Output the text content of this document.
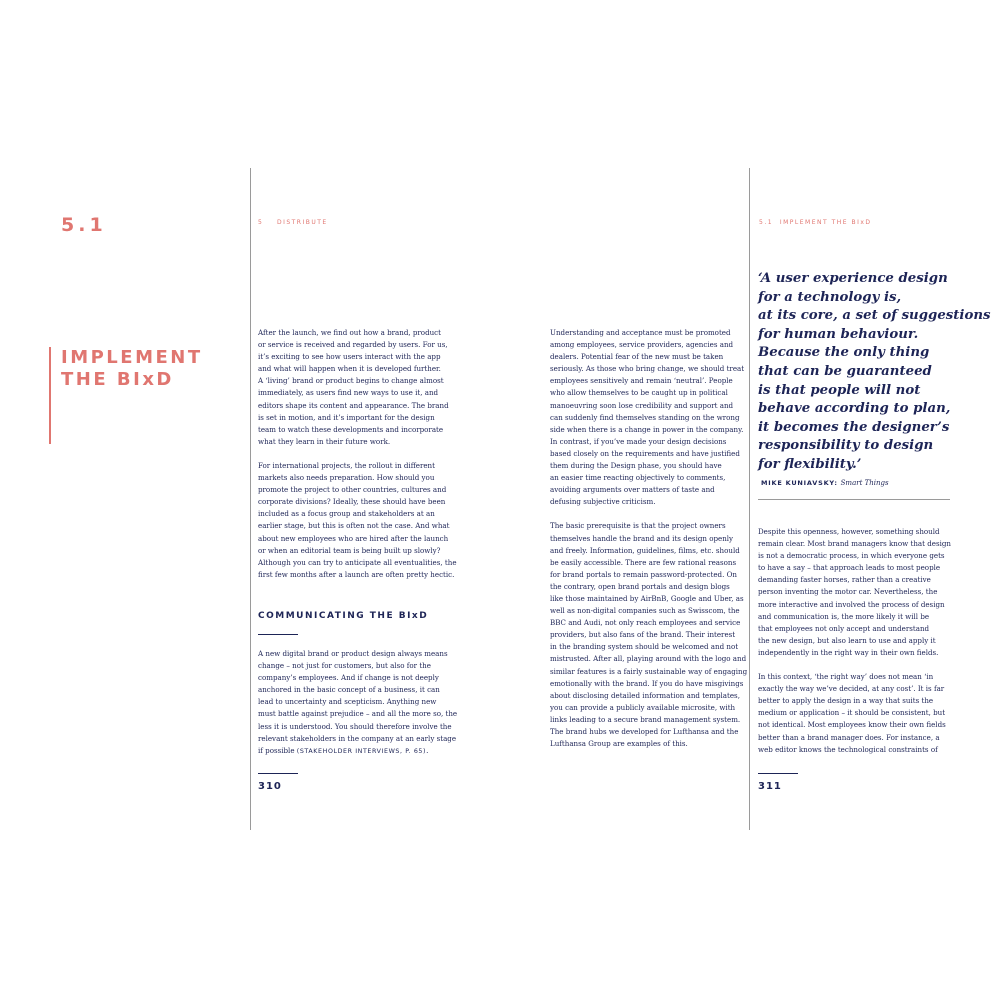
5.1
IMPLEMENT
THE BIxD
5    DISTRIBUTE	5.1  IMPLEMENT THE BIxD

After the launch, we find out how a brand, product
or service is received and regarded by users. For us,
it’s exciting to see how users interact with the app
and what will happen when it is developed further.
A ‘living’ brand or product begins to change almost
immediately, as users find new ways to use it, and
editors shape its content and appearance. The brand
is set in motion, and it’s important for the design
team to watch these developments and incorporate
what they learn in their future work.

For international projects, the rollout in different
markets also needs preparation. How should you
promote the project to other countries, cultures and
corporate divisions? Ideally, these should have been
included as a focus group and stakeholders at an
earlier stage, but this is often not the case. And what
about new employees who are hired after the launch
or when an editorial team is being built up slowly?
Although you can try to anticipate all eventualities, the
first few months after a launch are often pretty hectic.

COMMUNICATING THE BIxD

A new digital brand or product design always means
change – not just for customers, but also for the
company’s employees. And if change is not deeply
anchored in the basic concept of a business, it can
lead to uncertainty and scepticism. Anything new
must battle against prejudice – and all the more so, the
less it is understood. You should therefore involve the
relevant stakeholders in the company at an early stage
if possible (STAKEHOLDER INTERVIEWS, P. 65).

310

Understanding and acceptance must be promoted
among employees, service providers, agencies and
dealers. Potential fear of the new must be taken
seriously. As those who bring change, we should treat
employees sensitively and remain ‘neutral’. People
who allow themselves to be caught up in political
manoeuvring soon lose credibility and support and
can suddenly find themselves standing on the wrong
side when there is a change in power in the company.
In contrast, if you’ve made your design decisions
based closely on the requirements and have justified
them during the Design phase, you should have
an easier time reacting objectively to comments,
avoiding arguments over matters of taste and
defusing subjective criticism.

The basic prerequisite is that the project owners
themselves handle the brand and its design openly
and freely. Information, guidelines, films, etc. should
be easily accessible. There are few rational reasons
for brand portals to remain password-protected. On
the contrary, open brand portals and design blogs
like those maintained by AirBnB, Google and Uber, as
well as non-digital companies such as Swisscom, the
BBC and Audi, not only reach employees and service
providers, but also fans of the brand. Their interest
in the branding system should be welcomed and not
mistrusted. After all, playing around with the logo and
similar features is a fairly sustainable way of engaging
emotionally with the brand. If you do have misgivings
about disclosing detailed information and templates,
you can provide a publicly available microsite, with
links leading to a secure brand management system.
The brand hubs we developed for Lufthansa and the
Lufthansa Group are examples of this.

‘A user experience design
for a technology is,
at its core, a set of suggestions
for human behaviour.
Because the only thing
that can be guaranteed
is that people will not
behave according to plan,
it becomes the designer’s
responsibility to design
for flexibility.’
MIKE KUNIAVSKY: Smart Things

Despite this openness, however, something should
remain clear. Most brand managers know that design
is not a democratic process, in which everyone gets
to have a say – that approach leads to most people
demanding faster horses, rather than a creative
person inventing the motor car. Nevertheless, the
more interactive and involved the process of design
and communication is, the more likely it will be
that employees not only accept and understand
the new design, but also learn to use and apply it
independently in the right way in their own fields.

In this context, ‘the right way’ does not mean ‘in
exactly the way we’ve decided, at any cost’. It is far
better to apply the design in a way that suits the
medium or application – it should be consistent, but
not identical. Most employees know their own fields
better than a brand manager does. For instance, a
web editor knows the technological constraints of

311
